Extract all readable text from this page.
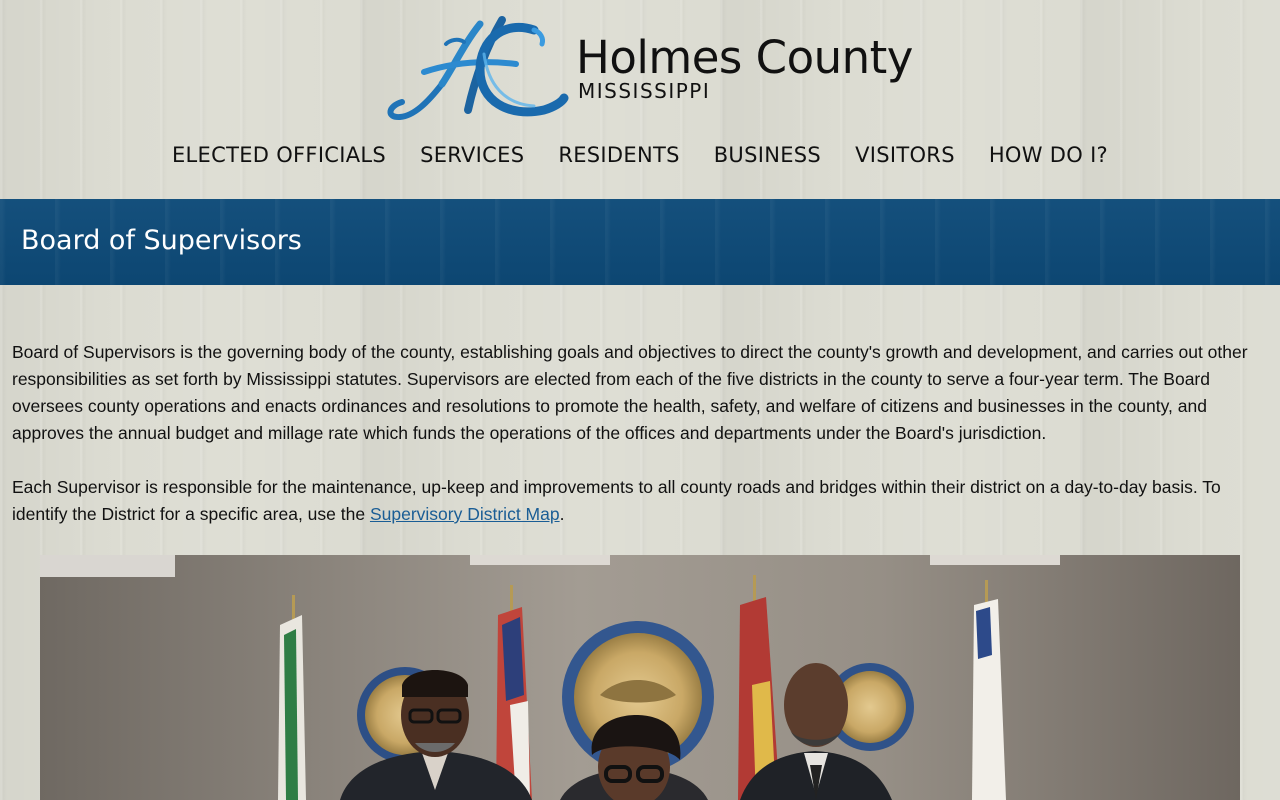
Holmes County
MISSISSIPPI
ELECTED OFFICIALS SERVICES RESIDENTS BUSINESS VISITORS HOW DO I?
Board of Supervisors

Board of Supervisors is the governing body of the county, establishing goals and objectives to direct the county's growth and development, and carries out other responsibilities as set forth by Mississippi statutes. Supervisors are elected from each of the five districts in the county to serve a four-year term. The Board oversees county operations and enacts ordinances and resolutions to promote the health, safety, and welfare of citizens and businesses in the county, and approves the annual budget and millage rate which funds the operations of the offices and departments under the Board's jurisdiction.

Each Supervisor is responsible for the maintenance, up-keep and improvements to all county roads and bridges within their district on a day-to-day basis. To identify the District for a specific area, use the Supervisory District Map.
